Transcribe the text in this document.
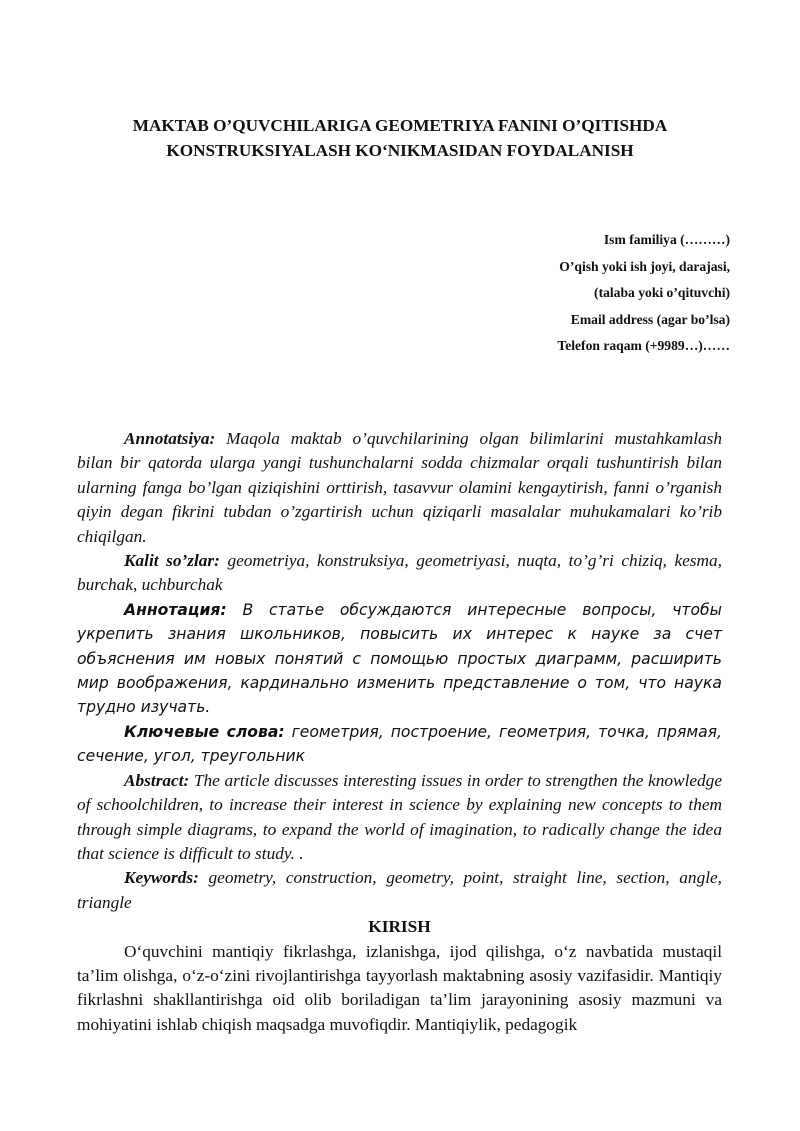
MAKTAB O’QUVCHILARIGA GEOMETRIYA FANINI O’QITISHDA
KONSTRUKSIYALASH KO‘NIKMASIDAN FOYDALANISH
Ism familiya (………)
O’qish yoki ish joyi, darajasi,
(talaba yoki o’qituvchi)
Email address (agar bo’lsa)
Telefon raqam (+9989…)……

Annotatsiya: Maqola maktab o’quvchilarining olgan bilimlarini mustahkamlash bilan bir qatorda ularga yangi tushunchalarni sodda chizmalar orqali tushuntirish bilan ularning fanga bo’lgan qiziqishini orttirish, tasavvur olamini kengaytirish, fanni o’rganish qiyin degan fikrini tubdan o’zgartirish uchun qiziqarli masalalar muhukamalari ko’rib chiqilgan.

Kalit so’zlar: geometriya, konstruksiya, geometriyasi, nuqta, to’g’ri chiziq, kesma, burchak, uchburchak

Аннотация: В статье обсуждаются интересные вопросы, чтобы укрепить знания школьников, повысить их интерес к науке за счет объяснения им новых понятий с помощью простых диаграмм, расширить мир воображения, кардинально изменить представление о том, что наука трудно изучать.

Ключевые слова: геометрия, построение, геометрия, точка, прямая, сечение, угол, треугольник

Abstract: The article discusses interesting issues in order to strengthen the knowledge of schoolchildren, to increase their interest in science by explaining new concepts to them through simple diagrams, to expand the world of imagination, to radically change the idea that science is difficult to study. .

Keywords: geometry, construction, geometry, point, straight line, section, angle, triangle

KIRISH

O‘quvchini mantiqiy fikrlashga, izlanishga, ijod qilishga, o‘z navbatida mustaqil ta’lim olishga, o‘z-o‘zini rivojlantirishga tayyorlash maktabning asosiy vazifasidir. Mantiqiy fikrlashni shakllantirishga oid olib boriladigan ta’lim jarayonining asosiy mazmuni va mohiyatini ishlab chiqish maqsadga muvofiqdir. Mantiqiylik, pedagogik
